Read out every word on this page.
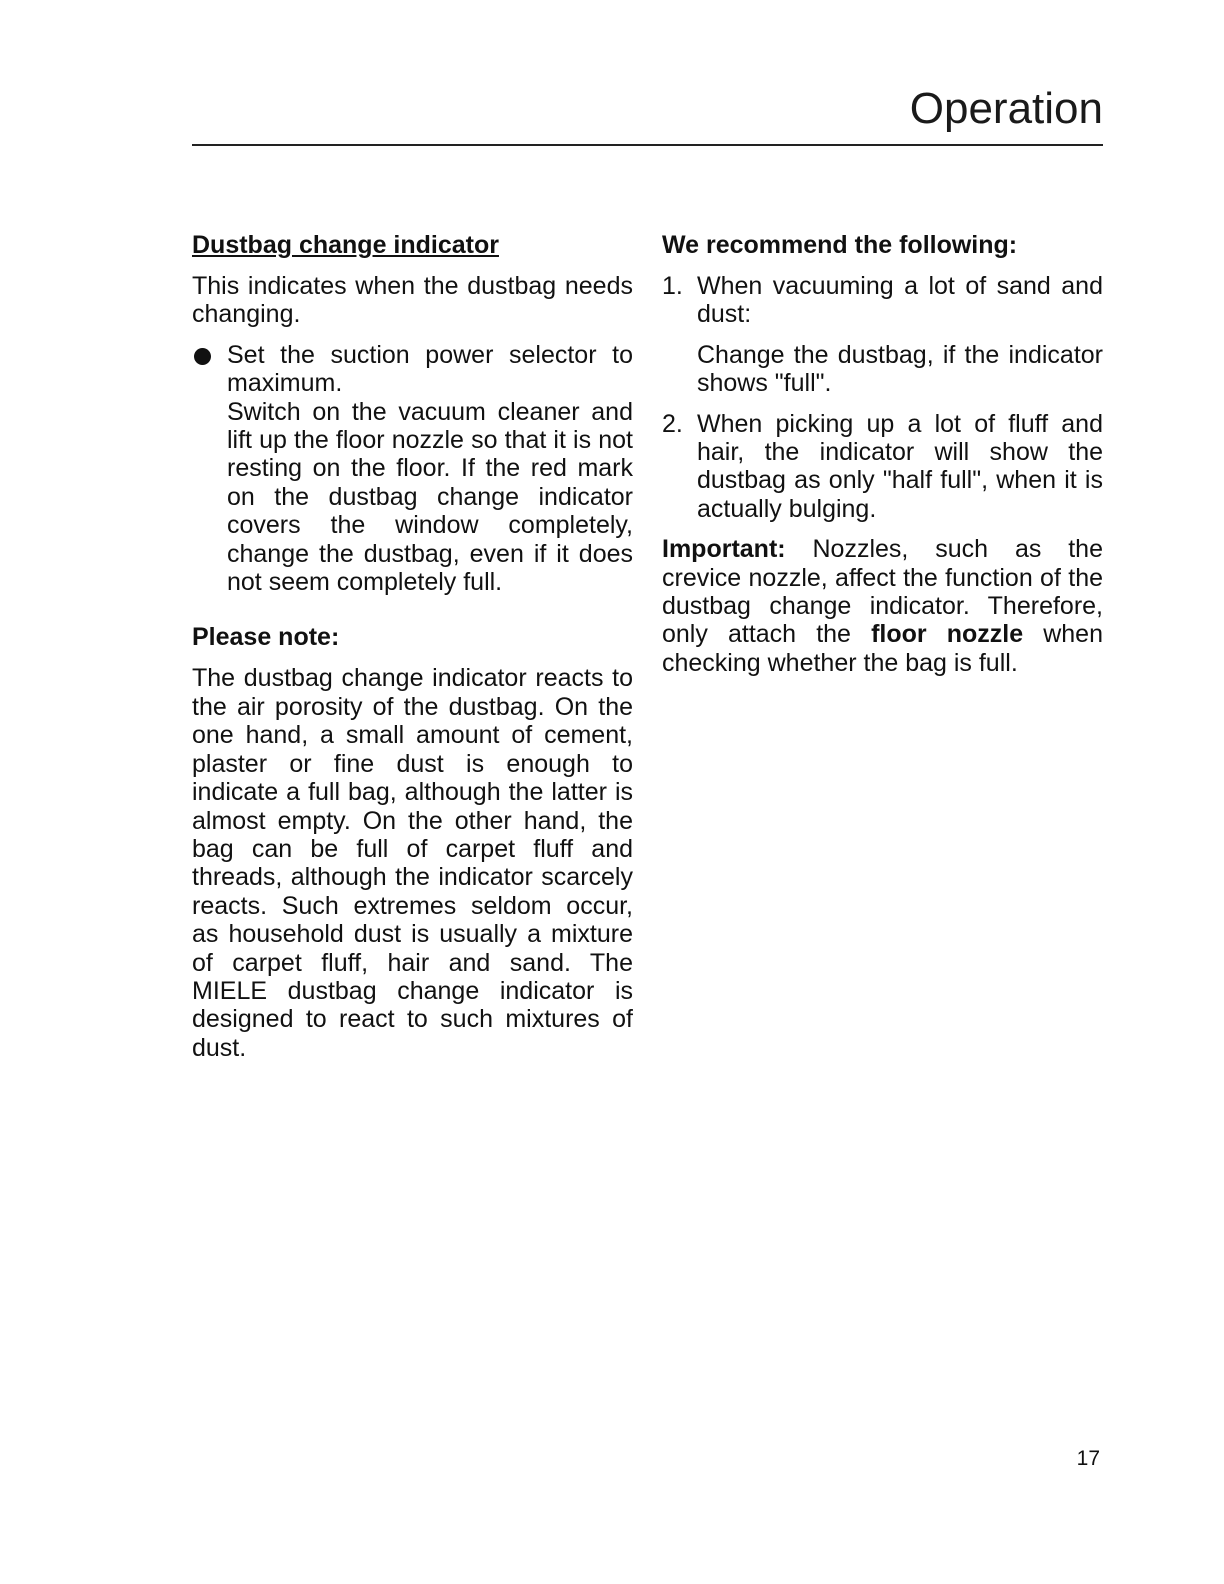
Operation
Dustbag change indicator

This indicates when the dustbag needs changing.

Set the suction power selector to maximum.

Switch on the vacuum cleaner and lift up the floor nozzle so that it is not resting on the floor. If the red mark on the dustbag change indicator covers the window completely, change the dustbag, even if it does not seem completely full.

Please note:

The dustbag change indicator reacts to the air porosity of the dustbag. On the one hand, a small amount of cement, plaster or fine dust is enough to indicate a full bag, although the latter is almost empty. On the other hand, the bag can be full of carpet fluff and threads, although the indicator scarcely reacts. Such extremes seldom occur, as household dust is usually a mixture of carpet fluff, hair and sand. The MIELE dustbag change indicator is designed to react to such mixtures of dust.

We recommend the following:
1. When vacuuming a lot of sand and dust:

Change the dustbag, if the indicator shows "full".

2. When picking up a lot of fluff and hair, the indicator will show the dustbag as only "half full", when it is actually bulging.

Important: Nozzles, such as the crevice nozzle, affect the function of the dustbag change indicator. Therefore, only attach the floor nozzle when checking whether the bag is full.

17
